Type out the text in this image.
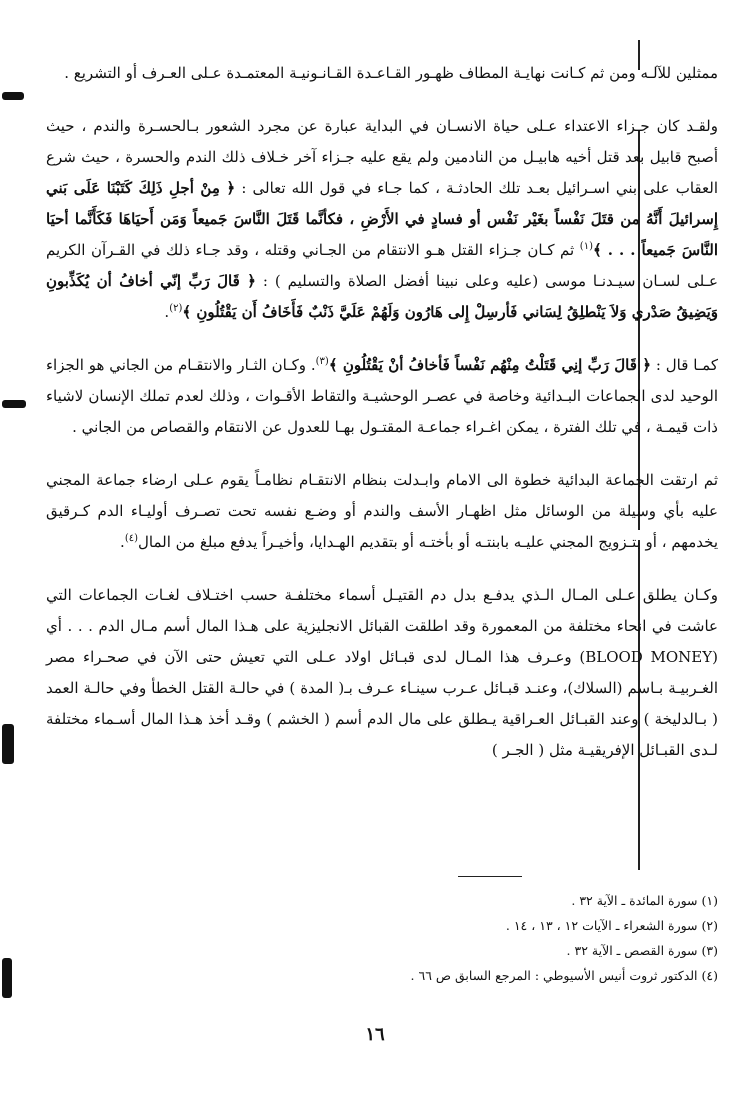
ممثلين للآلـه ومن ثم كـانت نهايـة المطاف ظهـور القـاعـدة القـانـونيـة المعتمـدة عـلى العـرف أو التشريع .

ولقـد كان جـزاء الاعتداء عـلى حياة الانسـان في البداية عبارة عن مجرد الشعور بـالحسـرة والندم ، حيث أصبح قابيل بعد قتل أخيه هابيـل من النادمين ولم يقع عليه جـزاء آخر خـلاف ذلك الندم والحسرة ، حيث شرع العقاب على بني اسـرائيل بعـد تلك الحادثـة ، كما جـاء في قول الله تعالى : ﴿ مِنْ أجلِ ذَلِكَ كَتَبْنَا عَلَى بَني إِسرائيلَ أَنَّهُ من قتَلَ نَفْساً بغَيْر نَفْس أو فسادٍ في الأَرْضِ ، فكأنَّما قَتَلَ النَّاسَ جَميعاً وَمَن أَحيَاهَا فَكَأَنَّما أحيَا النَّاسَ جَميعاً . . . ﴾$^{(١)}$ ثم كـان جـزاء القتل هـو الانتقام من الجـاني وقتله ، وقد جـاء ذلك في القـرآن الكريم عـلى لسـان سيـدنـا موسى (عليه وعلى نبينا أفضل الصلاة والتسليم ) : ﴿ قَالَ رَبِّ إنّي أخافُ أن يُكَذِّبونِ وَيَضِيقُ صَدْري وَلاَ يَنْطلِقُ لِسَاني فَأرسِلْ إِلى هَارُون وَلَهُمْ عَلَيَّ ذَنْبٌ فَأَخَافُ أَن يَقْتُلُونِ ﴾$^{(٢)}$.

كمـا قال : ﴿ قَالَ رَبِّ إنِي قَتَلْتُ مِنْهُم نَفْساً فَأخافُ أنْ يَقْتُلُونِ ﴾$^{(٣)}$. وكـان الثـار والانتقـام من الجاني هو الجزاء الوحيد لدى الجماعات البـدائية وخاصة في عصـر الوحشيـة والتقاط الأقـوات ، وذلك لعدم تملك الإنسان لاشياء ذات قيمـة ، في تلك الفترة ، يمكن اغـراء جماعـة المقتـول بهـا للعدول عن الانتقام والقصاص من الجاني .

ثم ارتقت الجماعة البدائية خطوة الى الامام وابـدلت بنظام الانتقـام نظامـاً يقوم عـلى ارضاء جماعة المجني عليه بأي وسيلة من الوسائل مثل اظهـار الأسف والندم أو وضـع نفسه تحت تصـرف أوليـاء الدم كـرقيق يخدمهم ، أو بتـزويج المجني عليـه بابنتـه أو بأختـه أو بتقديم الهـدايا، وأخيـراً يدفع مبلغ من المال$^{(٤)}$.

وكـان يطلق عـلى المـال الـذي يدفـع بدل دم القتيـل أسماء مختلفـة حسب اختـلاف لغـات الجماعات التي عاشت في انحاء مختلفة من المعمورة وقد اطلقت القبائل الانجليزية على هـذا المال أسم مـال الدم . . . أي (BLOOD MONEY) وعـرف هذا المـال لدى قبـائل اولاد عـلى التي تعيش حتى الآن في صحـراء مصر الغـربيـة بـاسم (السلاك)، وعنـد قبـائل عـرب سينـاء عـرف بـ( المدة ) في حالـة القتل الخطأ وفي حالـة العمد ( بـالدليخة ) وعند القبـائل العـراقية يـطلق على مال الدم أسم ( الخشم ) وقـد أخذ هـذا المال أسـماء مختلفة لـدى القبـائل الإفريقيـة مثل ( الجـر )

(١) سورة المائدة ـ الآية ٣٢ .
(٢) سورة الشعراء ـ الآيات ١٢ ، ١٣ ، ١٤ .
(٣) سورة القصص ـ الآية ٣٢ .
(٤) الدكتور ثروت أنيس الأسيوطي : المرجع السابق ص ٦٦ .
١٦
